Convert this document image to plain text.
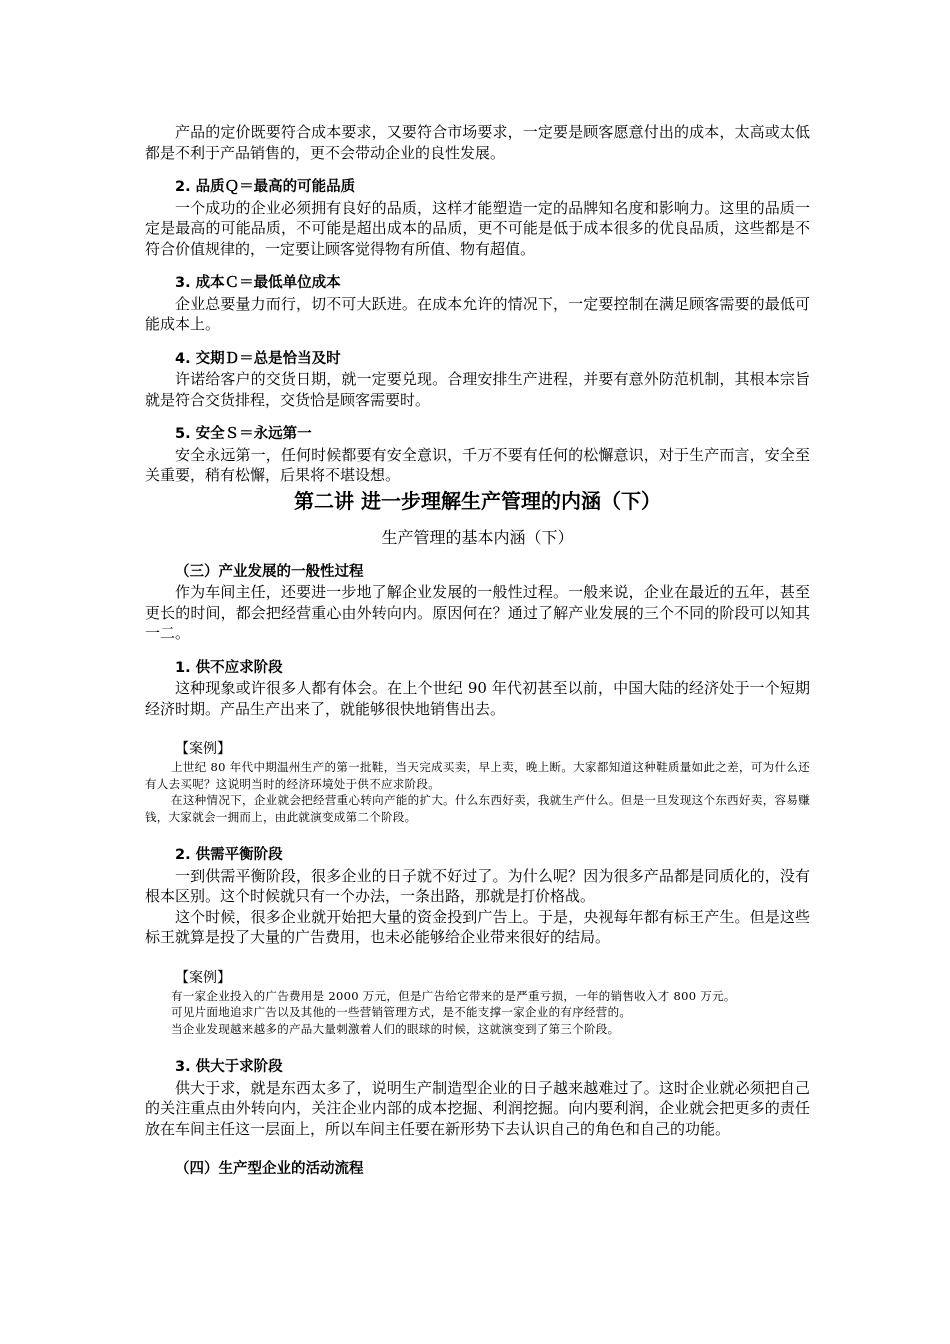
产品的定价既要符合成本要求，又要符合市场要求，一定要是顾客愿意付出的成本，太高或太低都是不利于产品销售的，更不会带动企业的良性发展。

2. 品质Ｑ＝最高的可能品质

一个成功的企业必须拥有良好的品质，这样才能塑造一定的品牌知名度和影响力。这里的品质一定是最高的可能品质，不可能是超出成本的品质，更不可能是低于成本很多的优良品质，这些都是不符合价值规律的，一定要让顾客觉得物有所值、物有超值。

3. 成本Ｃ＝最低单位成本

企业总要量力而行，切不可大跃进。在成本允许的情况下，一定要控制在满足顾客需要的最低可能成本上。

4. 交期Ｄ＝总是恰当及时

许诺给客户的交货日期，就一定要兑现。合理安排生产进程，并要有意外防范机制，其根本宗旨就是符合交货排程，交货恰是顾客需要时。

5. 安全Ｓ＝永远第一

安全永远第一，任何时候都要有安全意识，千万不要有任何的松懈意识，对于生产而言，安全至关重要，稍有松懈，后果将不堪设想。

第二讲 进一步理解生产管理的内涵（下）

生产管理的基本内涵（下）

（三）产业发展的一般性过程

作为车间主任，还要进一步地了解企业发展的一般性过程。一般来说，企业在最近的五年，甚至更长的时间，都会把经营重心由外转向内。原因何在？通过了解产业发展的三个不同的阶段可以知其一二。

1. 供不应求阶段

这种现象或许很多人都有体会。在上个世纪 90 年代初甚至以前，中国大陆的经济处于一个短期经济时期。产品生产出来了，就能够很快地销售出去。

【案例】

上世纪 80 年代中期温州生产的第一批鞋，当天完成买卖，早上卖，晚上断。大家都知道这种鞋质量如此之差，可为什么还有人去买呢？这说明当时的经济环境处于供不应求阶段。

在这种情况下，企业就会把经营重心转向产能的扩大。什么东西好卖，我就生产什么。但是一旦发现这个东西好卖，容易赚钱，大家就会一拥而上，由此就演变成第二个阶段。

2. 供需平衡阶段

一到供需平衡阶段，很多企业的日子就不好过了。为什么呢？因为很多产品都是同质化的，没有根本区别。这个时候就只有一个办法，一条出路，那就是打价格战。

这个时候，很多企业就开始把大量的资金投到广告上。于是，央视每年都有标王产生。但是这些标王就算是投了大量的广告费用，也未必能够给企业带来很好的结局。

【案例】

有一家企业投入的广告费用是 2000 万元，但是广告给它带来的是严重亏损，一年的销售收入才 800 万元。

可见片面地追求广告以及其他的一些营销管理方式，是不能支撑一家企业的有序经营的。

当企业发现越来越多的产品大量刺激着人们的眼球的时候，这就演变到了第三个阶段。

3. 供大于求阶段

供大于求，就是东西太多了，说明生产制造型企业的日子越来越难过了。这时企业就必须把自己的关注重点由外转向内，关注企业内部的成本挖掘、利润挖掘。向内要利润，企业就会把更多的责任放在车间主任这一层面上，所以车间主任要在新形势下去认识自己的角色和自己的功能。

（四）生产型企业的活动流程
